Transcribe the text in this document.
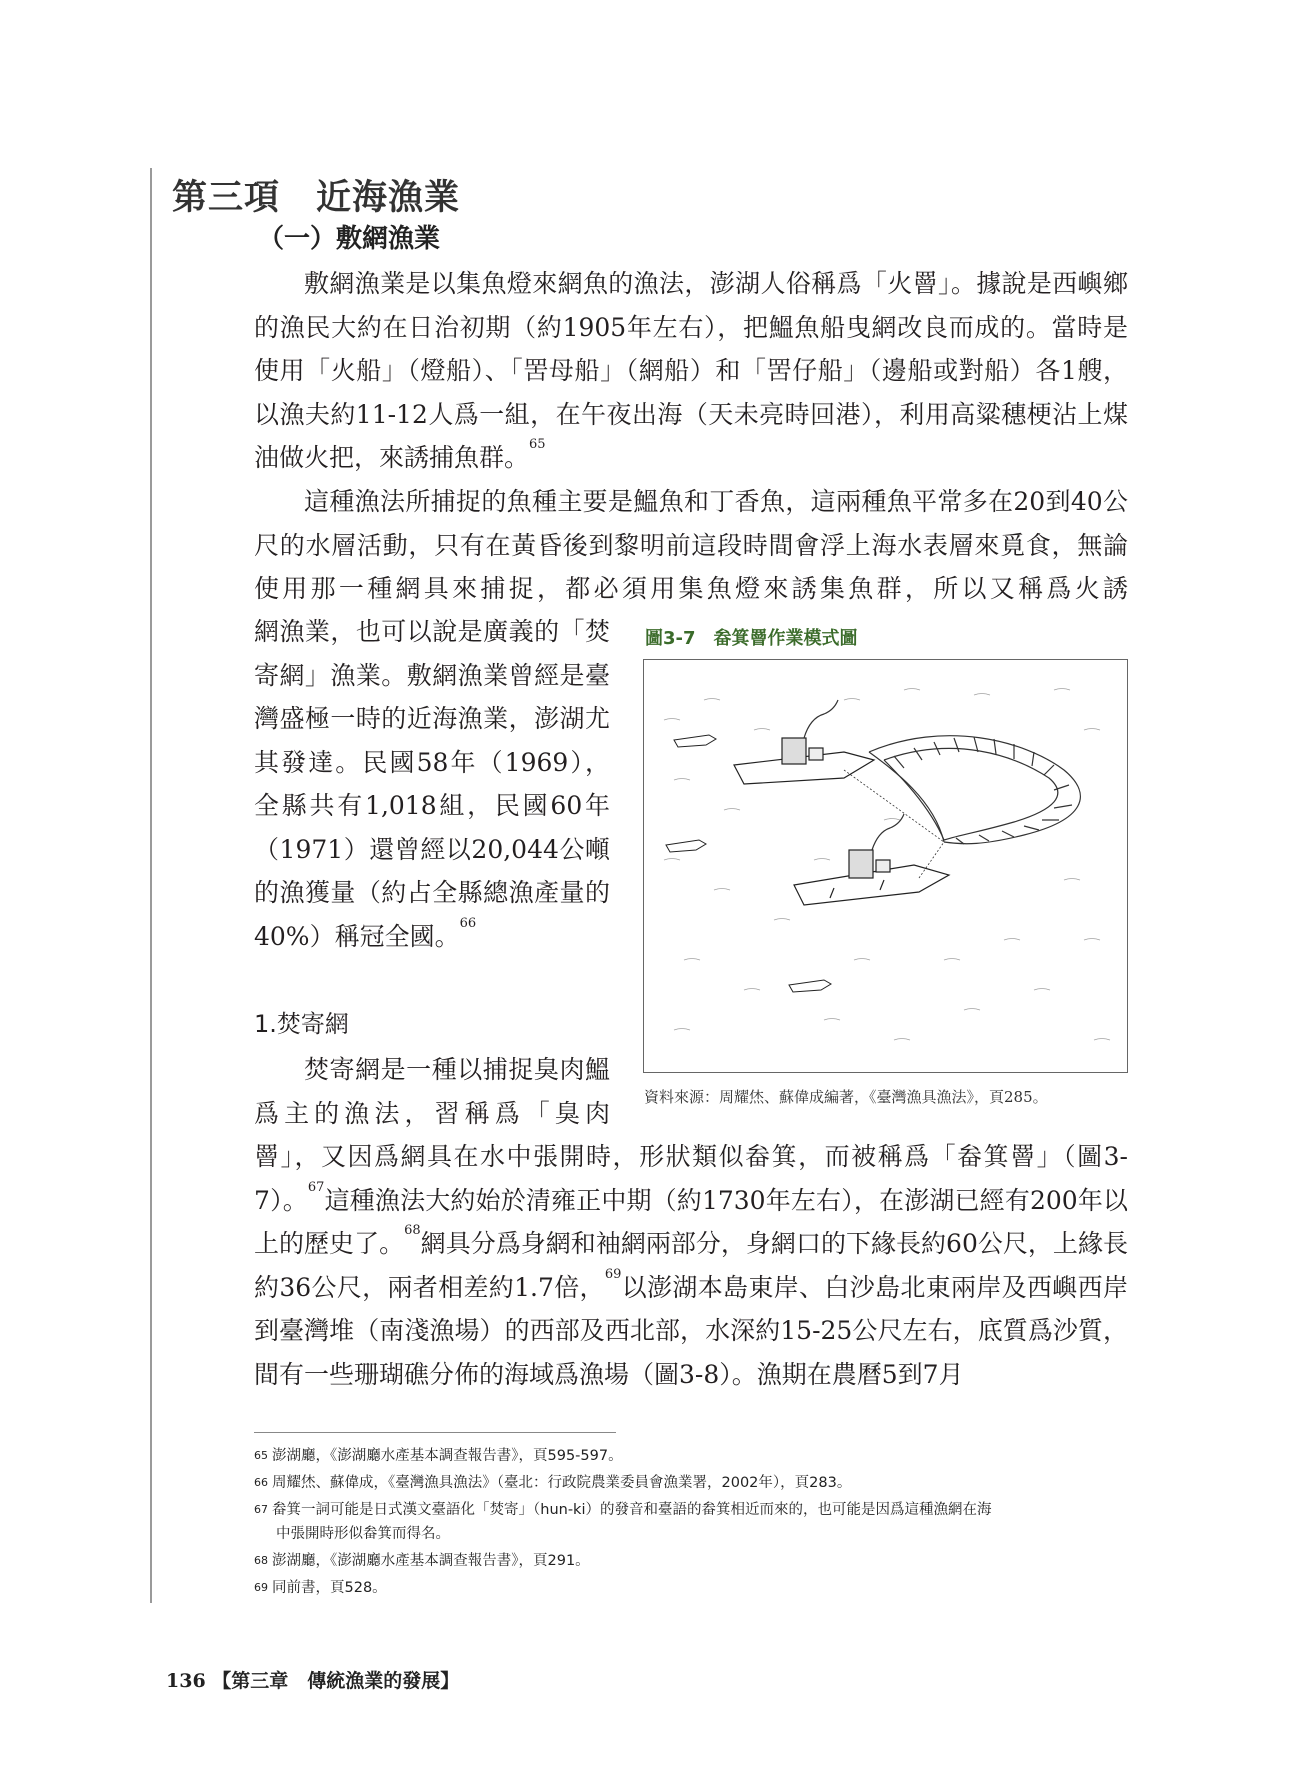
第三項　近海漁業
（一）敷網漁業
敷網漁業是以集魚燈來網魚的漁法，澎湖人俗稱爲「火罾」。據說是西嶼鄉的漁民大約在日治初期（約1905年左右），把鰮魚船曳網改良而成的。當時是使用「火船」（燈船）、「罟母船」（網船）和「罟仔船」（邊船或對船）各1艘，以漁夫約11-12人爲一組，在午夜出海（天未亮時回港），利用高粱穗梗沾上煤油做火把，來誘捕魚群。$^{65}$
這種漁法所捕捉的魚種主要是鰮魚和丁香魚，這兩種魚平常多在20到40公尺的水層活動，只有在黃昏後到黎明前這段時間會浮上海水表層來覓食，無論使用那一種網具來捕捉，都必須用集魚燈來誘集魚群，所以又稱爲火誘
網漁業，也可以說是廣義的「焚寄網」漁業。敷網漁業曾經是臺灣盛極一時的近海漁業，澎湖尤其發達。民國58年（1969），全縣共有1,018組，民國60年（1971）還曾經以20,044公噸的漁獲量（約占全縣總漁產量的40%）稱冠全國。$^{66}$
1.焚寄網
焚寄網是一種以捕捉臭肉鰮爲主的漁法，習稱爲「臭肉
罾」，又因爲網具在水中張開時，形狀類似畚箕，而被稱爲「畚箕罾」（圖3-7）。$^{67}$這種漁法大約始於清雍正中期（約1730年左右），在澎湖已經有200年以上的歷史了。$^{68}$網具分爲身網和袖網兩部分，身網口的下緣長約60公尺，上緣長約36公尺，兩者相差約1.7倍，$^{69}$以澎湖本島東岸、白沙島北東兩岸及西嶼西岸到臺灣堆（南淺漁場）的西部及西北部，水深約15-25公尺左右，底質爲沙質，間有一些珊瑚礁分佈的海域爲漁場（圖3-8）。漁期在農曆5到7月
圖3-7　畚箕罾作業模式圖
資料來源：周耀烋、蘇偉成編著，《臺灣漁具漁法》，頁285。
$^{65}$ 澎湖廳，《澎湖廳水產基本調查報告書》，頁595-597。
$^{66}$ 周耀烋、蘇偉成，《臺灣漁具漁法》（臺北：行政院農業委員會漁業署，2002年），頁283。
$^{67}$ 畚箕一詞可能是日式漢文臺語化「焚寄」（hun-ki）的發音和臺語的畚箕相近而來的，也可能是因爲這種漁網在海
中張開時形似畚箕而得名。
$^{68}$ 澎湖廳，《澎湖廳水產基本調查報告書》，頁291。
$^{69}$ 同前書，頁528。
136 【第三章　傳統漁業的發展】
